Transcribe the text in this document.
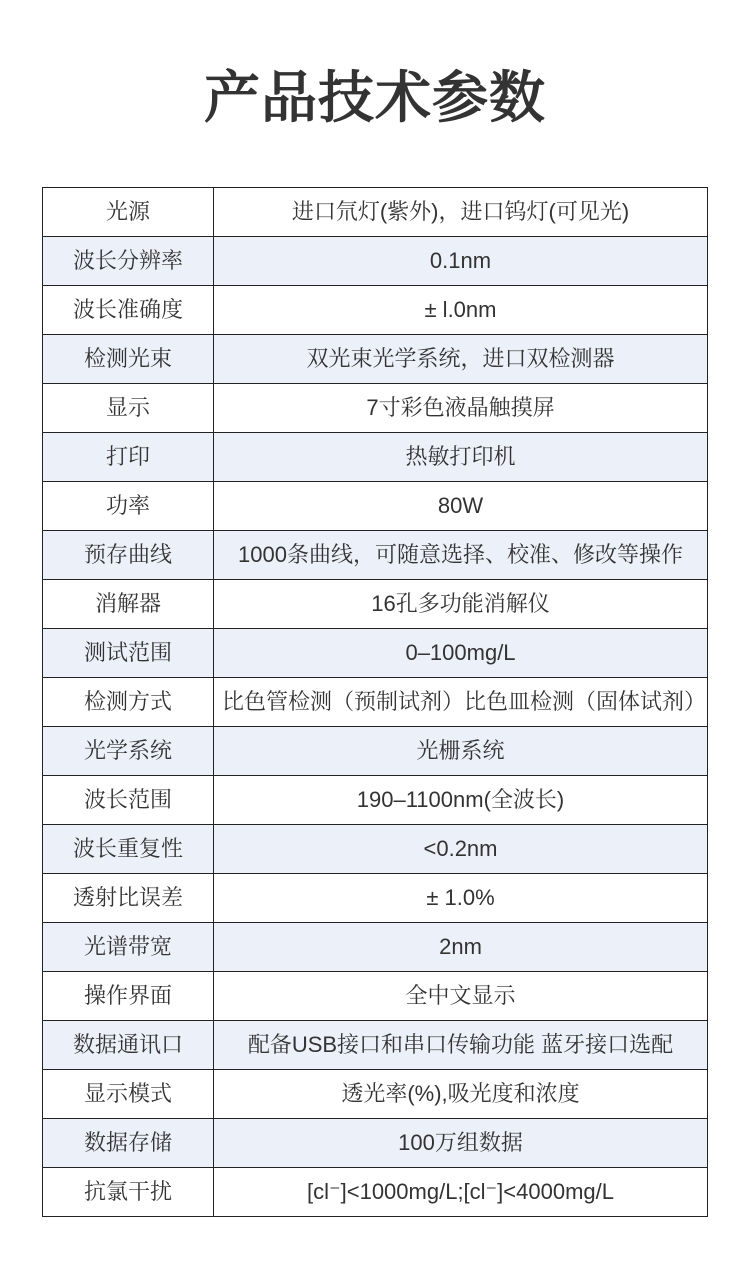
产品技术参数
光源	进口氘灯(紫外)，进口钨灯(可见光)
波长分辨率	0.1nm
波长准确度	± l.0nm
检测光束	双光束光学系统，进口双检测器
显示	7寸彩色液晶触摸屏
打印	热敏打印机
功率	80W
预存曲线	1000条曲线，可随意选择、校准、修改等操作
消解器	16孔多功能消解仪
测试范围	0–100mg/L
检测方式	比色管检测（预制试剂）比色皿检测（固体试剂）
光学系统	光栅系统
波长范围	190–1100nm(全波长)
波长重复性	<0.2nm
透射比误差	± 1.0%
光谱带宽	2nm
操作界面	全中文显示
数据通讯口	配备USB接口和串口传输功能 蓝牙接口选配
显示模式	透光率(%),吸光度和浓度
数据存储	100万组数据
抗氯干扰	[cl⁻]<1000mg/L;[cl⁻]<4000mg/L
